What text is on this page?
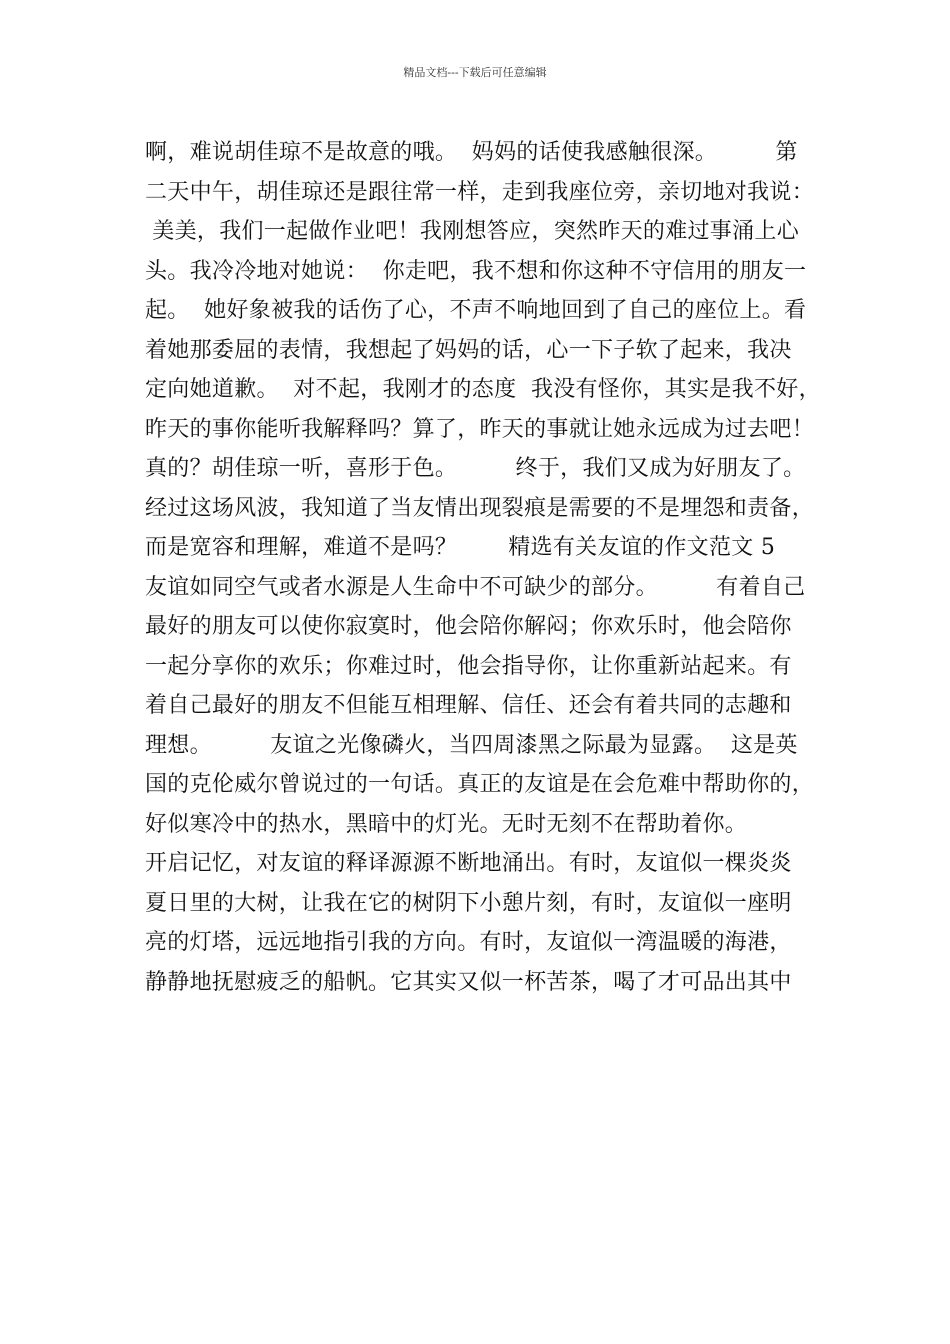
精品文档---下载后可任意编辑
啊，难说胡佳琼不是故意的哦。  妈妈的话使我感触很深。        第
二天中午，胡佳琼还是跟往常一样，走到我座位旁，亲切地对我说：
美美，我们一起做作业吧！我刚想答应，突然昨天的难过事涌上心
头。我冷冷地对她说：  你走吧，我不想和你这种不守信用的朋友一
起。  她好象被我的话伤了心，不声不响地回到了自己的座位上。看
着她那委屈的表情，我想起了妈妈的话，心一下子软了起来，我决
定向她道歉。  对不起，我刚才的态度  我没有怪你，其实是我不好，
昨天的事你能听我解释吗？算了，昨天的事就让她永远成为过去吧！
真的？胡佳琼一听，喜形于色。        终于，我们又成为好朋友了。
经过这场风波，我知道了当友情出现裂痕是需要的不是埋怨和责备，
而是宽容和理解，难道不是吗？       精选有关友谊的作文范文 5
友谊如同空气或者水源是人生命中不可缺少的部分。        有着自己
最好的朋友可以使你寂寞时，他会陪你解闷；你欢乐时，他会陪你
一起分享你的欢乐；你难过时，他会指导你，让你重新站起来。有
着自己最好的朋友不但能互相理解、信任、还会有着共同的志趣和
理想。        友谊之光像磷火，当四周漆黑之际最为显露。  这是英
国的克伦威尔曾说过的一句话。真正的友谊是在会危难中帮助你的，
好似寒冷中的热水，黑暗中的灯光。无时无刻不在帮助着你。
开启记忆，对友谊的释译源源不断地涌出。有时，友谊似一棵炎炎
夏日里的大树，让我在它的树阴下小憩片刻，有时，友谊似一座明
亮的灯塔，远远地指引我的方向。有时，友谊似一湾温暖的海港，
静静地抚慰疲乏的船帆。它其实又似一杯苦茶，喝了才可品出其中
